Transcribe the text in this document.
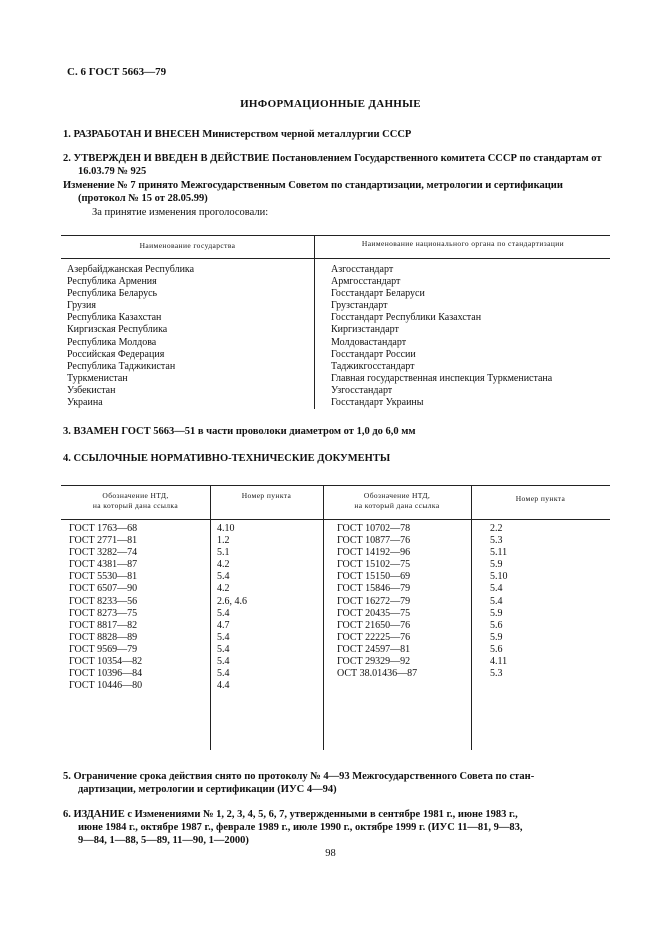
С. 6 ГОСТ 5663—79
ИНФОРМАЦИОННЫЕ ДАННЫЕ
1. РАЗРАБОТАН И ВНЕСЕН Министерством черной металлургии СССР
2. УТВЕРЖДЕН И ВВЕДЕН В ДЕЙСТВИЕ Постановлением Государственного комитета СССР по стандартам от 16.03.79 № 925
Изменение № 7 принято Межгосударственным Советом по стандартизации, метрологии и сертификации (протокол № 15 от 28.05.99)
За принятие изменения проголосовали:
Наименование государства	Наименование национального органа по стандартизации
Азербайджанская Республика
Республика Армения
Республика Беларусь
Грузия
Республика Казахстан
Киргизская Республика
Республика Молдова
Российская Федерация
Республика Таджикистан
Туркменистан
Узбекистан
Украина
Азгосстандарт
Армгосстандарт
Госстандарт Беларуси
Грузстандарт
Госстандарт Республики Казахстан
Киргизстандарт
Молдовастандарт
Госстандарт России
Таджикгосстандарт
Главная государственная инспекция Туркменистана
Узгосстандарт
Госстандарт Украины
3. ВЗАМЕН ГОСТ 5663—51 в части проволоки диаметром от 1,0 до 6,0 мм
4. ССЫЛОЧНЫЕ НОРМАТИВНО-ТЕХНИЧЕСКИЕ ДОКУМЕНТЫ
Обозначение НТД,
на который дана ссылка
Номер пункта	Обозначение НТД,
на который дана ссылка
Номер пункта
ГОСТ 1763—68
ГОСТ 2771—81
ГОСТ 3282—74
ГОСТ 4381—87
ГОСТ 5530—81
ГОСТ 6507—90
ГОСТ 8233—56
ГОСТ 8273—75
ГОСТ 8817—82
ГОСТ 8828—89
ГОСТ 9569—79
ГОСТ 10354—82
ГОСТ 10396—84
ГОСТ 10446—80
4.10
1.2
5.1
4.2
5.4
4.2
2.6, 4.6
5.4
4.7
5.4
5.4
5.4
5.4
4.4
ГОСТ 10702—78
ГОСТ 10877—76
ГОСТ 14192—96
ГОСТ 15102—75
ГОСТ 15150—69
ГОСТ 15846—79
ГОСТ 16272—79
ГОСТ 20435—75
ГОСТ 21650—76
ГОСТ 22225—76
ГОСТ 24597—81
ГОСТ 29329—92
ОСТ 38.01436—87
2.2
5.3
5.11
5.9
5.10
5.4
5.4
5.9
5.6
5.9
5.6
4.11
5.3
5. Ограничение срока действия снято по протоколу № 4—93 Межгосударственного Совета по стан-
дартизации, метрологии и сертификации (ИУС 4—94)
6. ИЗДАНИЕ с Изменениями № 1, 2, 3, 4, 5, 6, 7, утвержденными в сентябре 1981 г., июне 1983 г.,
июне 1984 г., октябре 1987 г., феврале 1989 г., июле 1990 г., октябре 1999 г. (ИУС 11—81, 9—83,
9—84, 1—88, 5—89, 11—90, 1—2000)
98
